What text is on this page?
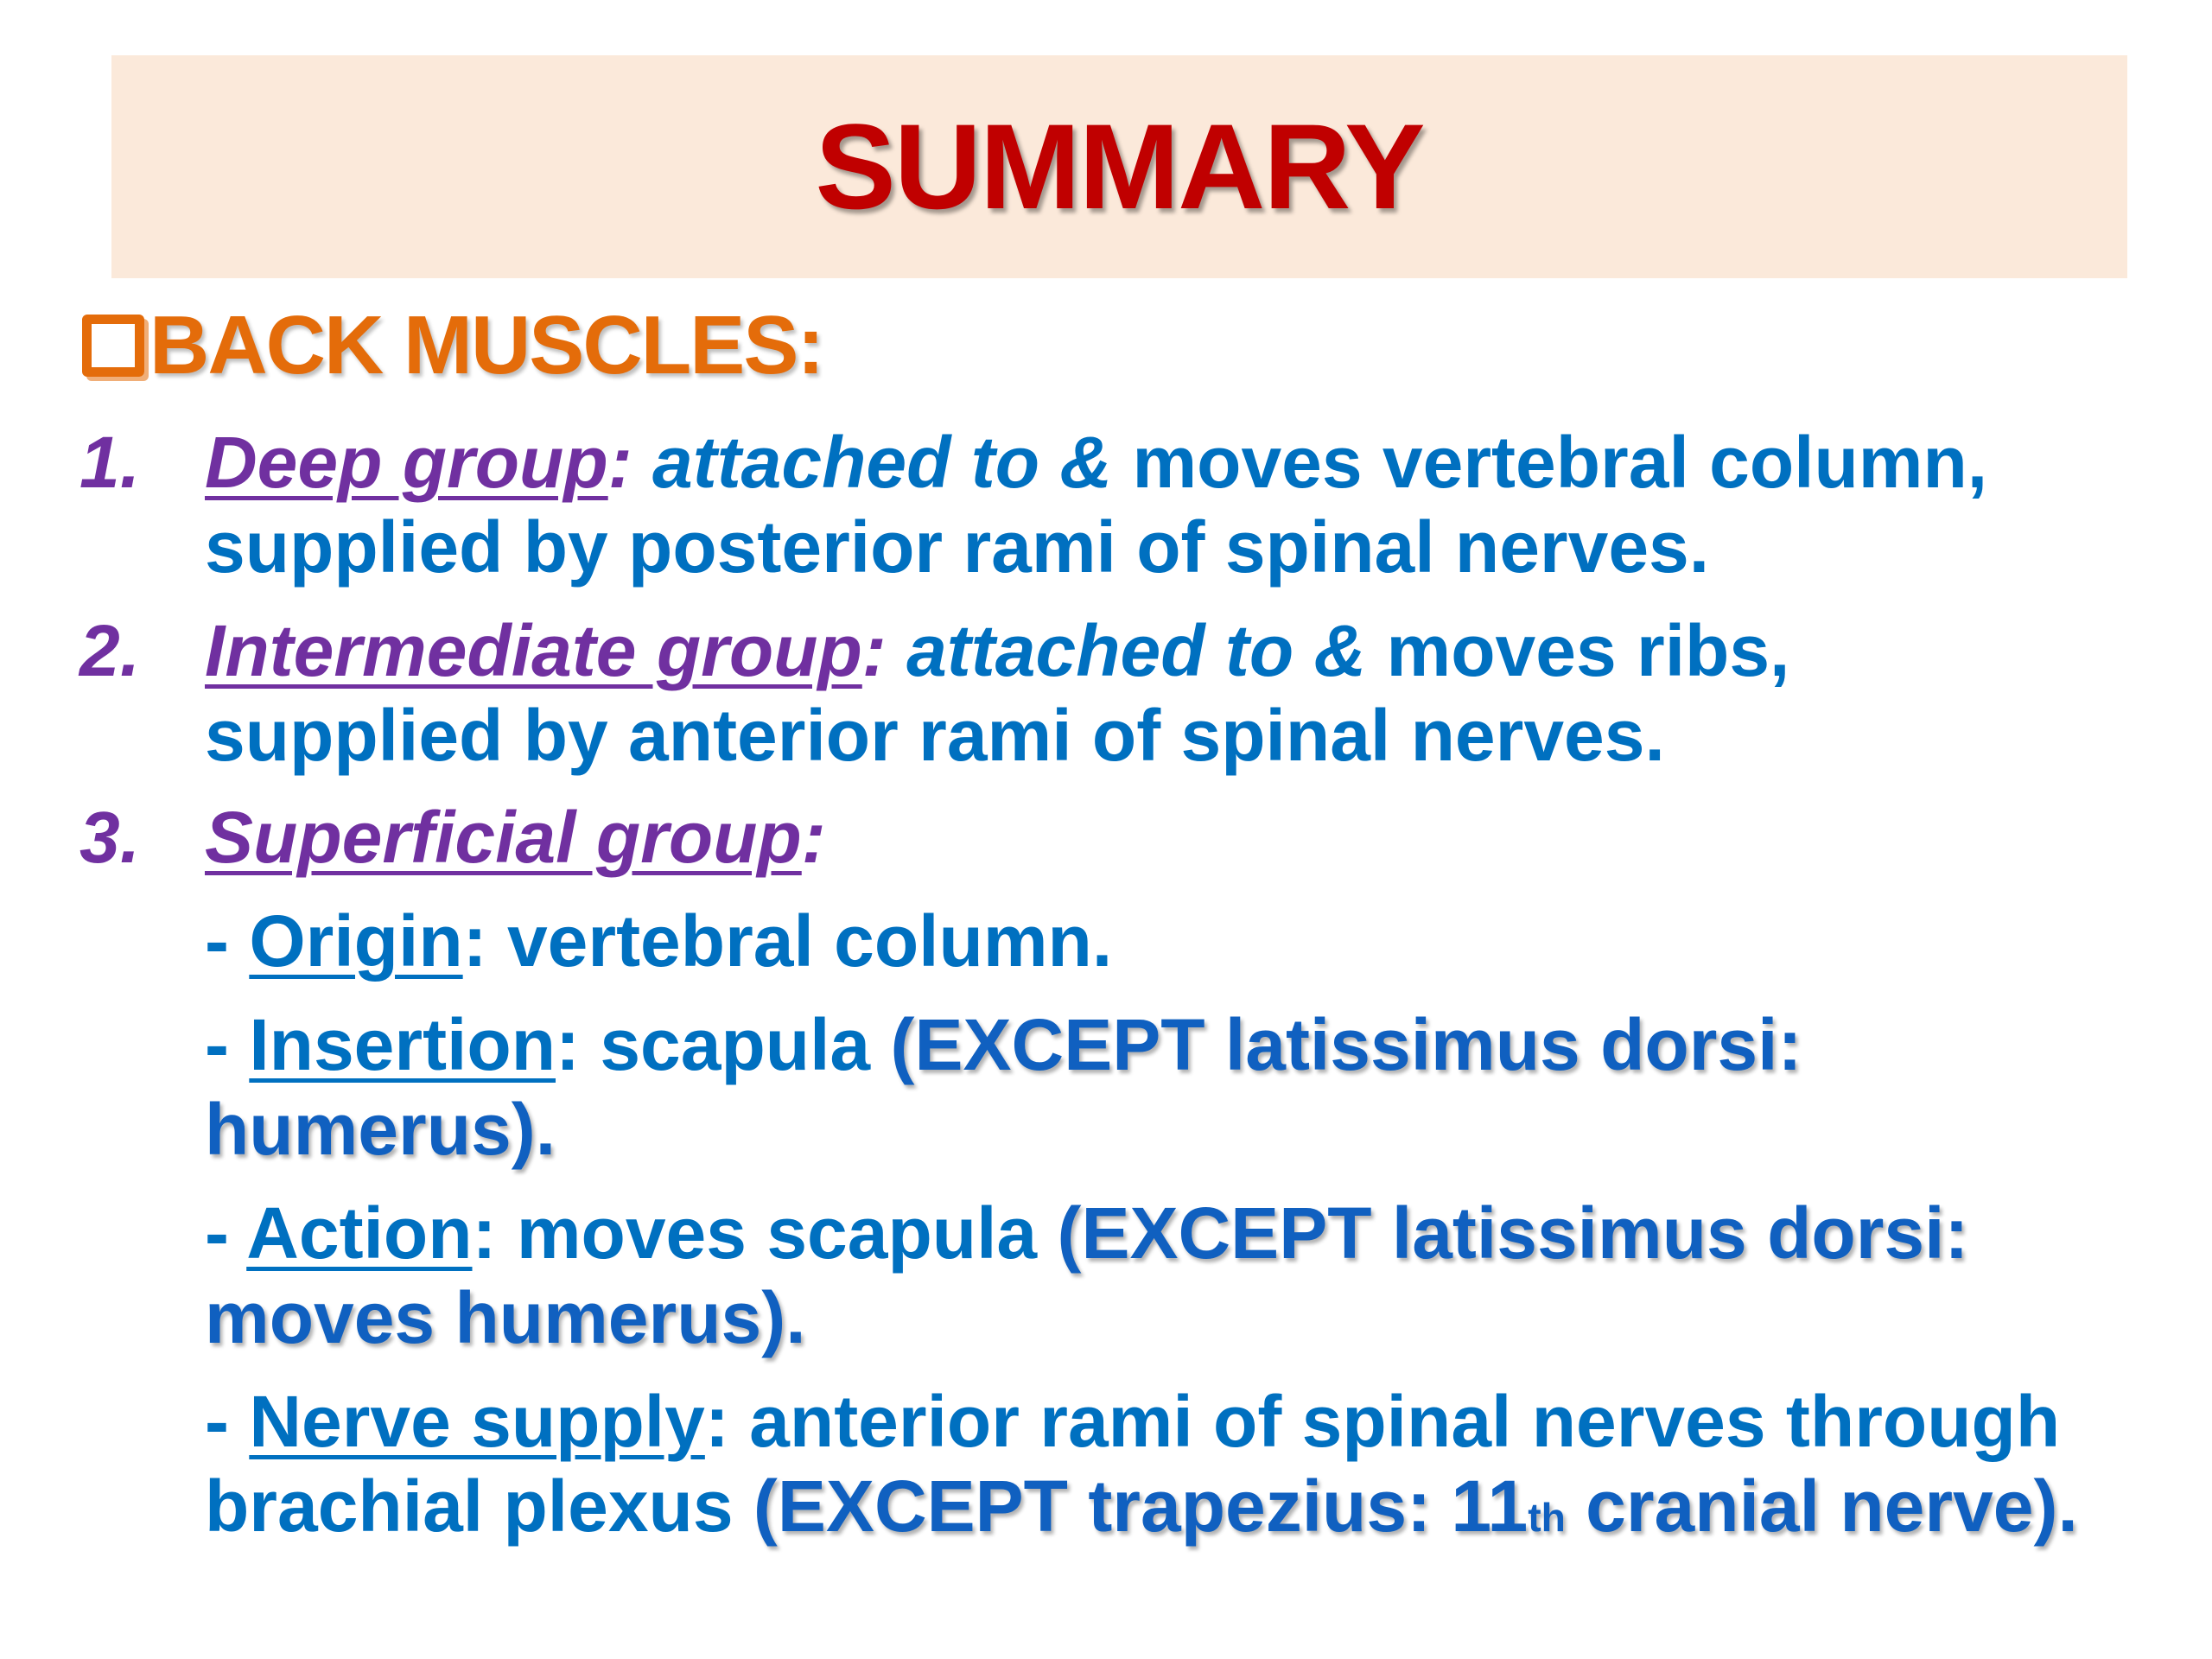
SUMMARY
BACK MUSCLES:
1. Deep group: attached to & moves vertebral column,
supplied by posterior rami of spinal nerves.
2. Intermediate group: attached to & moves ribs,
supplied by anterior rami of spinal nerves.
3. Superficial group:
- Origin: vertebral column.
- Insertion: scapula (EXCEPT latissimus dorsi:
humerus).
- Action: moves scapula (EXCEPT latissimus dorsi:
moves humerus).
- Nerve supply: anterior rami of spinal nerves through
brachial plexus (EXCEPT trapezius: 11th cranial nerve).
